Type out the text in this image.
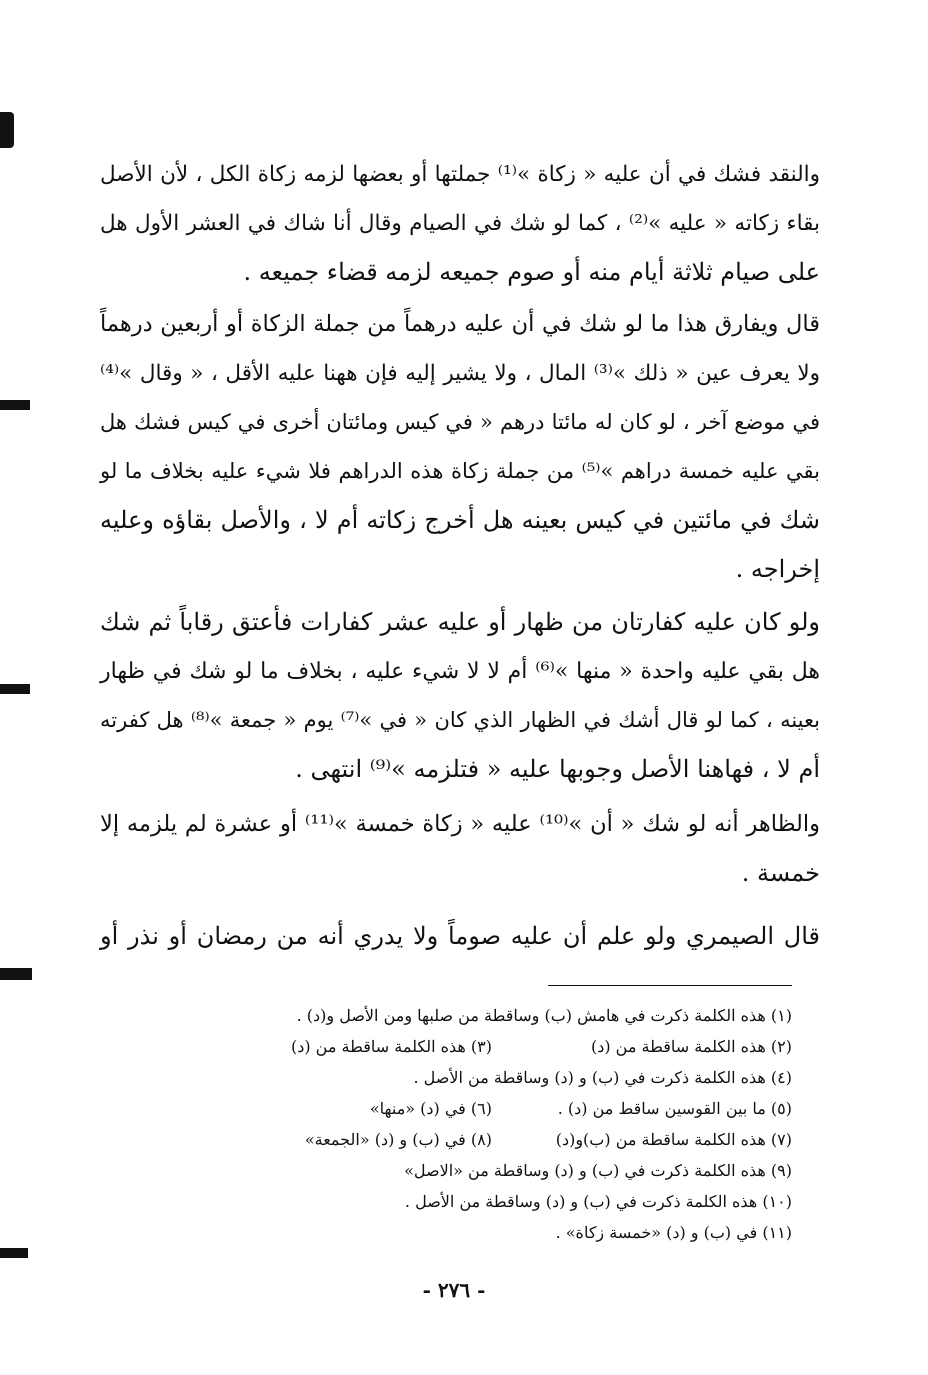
والنقد فشك في أن عليه « زكاة »⁽¹⁾ جملتها أو بعضها لزمه زكاة الكل ، لأن الأصل
بقاء زكاته « عليه »⁽²⁾ ، كما لو شك في الصيام وقال أنا شاك في العشر الأول هل
على صيام ثلاثة أيام منه أو صوم جميعه لزمه قضاء جميعه .
قال ويفارق هذا ما لو شك في أن عليه درهماً من جملة الزكاة أو أربعين درهماً
ولا يعرف عين « ذلك »⁽³⁾ المال ، ولا يشير إليه فإن ههنا عليه الأقل ، « وقال »⁽⁴⁾
في موضع آخر ، لو كان له مائتا درهم « في كيس ومائتان أخرى في كيس فشك هل
بقي عليه خمسة دراهم »⁽⁵⁾ من جملة زكاة هذه الدراهم فلا شيء عليه بخلاف ما لو
شك في مائتين في كيس بعينه هل أخرج زكاته أم لا ، والأصل بقاؤه وعليه
إخراجه .
ولو كان عليه كفارتان من ظهار أو عليه عشر كفارات فأعتق رقاباً ثم شك
هل بقي عليه واحدة « منها »⁽⁶⁾ أم لا لا شيء عليه ، بخلاف ما لو شك في ظهار
بعينه ، كما لو قال أشك في الظهار الذي كان « في »⁽⁷⁾ يوم « جمعة »⁽⁸⁾ هل كفرته
أم لا ، فهاهنا الأصل وجوبها عليه « فتلزمه »⁽⁹⁾ انتهى .
والظاهر أنه لو شك « أن »⁽¹⁰⁾ عليه « زكاة خمسة »⁽¹¹⁾ أو عشرة لم يلزمه إلا
خمسة .
قال الصيمري ولو علم أن عليه صوماً ولا يدري أنه من رمضان أو نذر أو
(١) هذه الكلمة ذكرت في هامش (ب) وساقطة من صلبها ومن الأصل و(د) .
(٢) هذه الكلمة ساقطة من (د)
(٣) هذه الكلمة ساقطة من (د)
(٤) هذه الكلمة ذكرت في (ب) و (د) وساقطة من الأصل .
(٥) ما بين القوسين ساقط من (د) .
(٦) في (د) «منها»
(٧) هذه الكلمة ساقطة من (ب)و(د)
(٨) في (ب) و (د) «الجمعة»
(٩) هذه الكلمة ذكرت في (ب) و (د) وساقطة من «الاصل»
(١٠) هذه الكلمة ذكرت في (ب) و (د) وساقطة من الأصل .
(١١) في (ب) و (د) «خمسة زكاة» .
- ٢٧٦ -
